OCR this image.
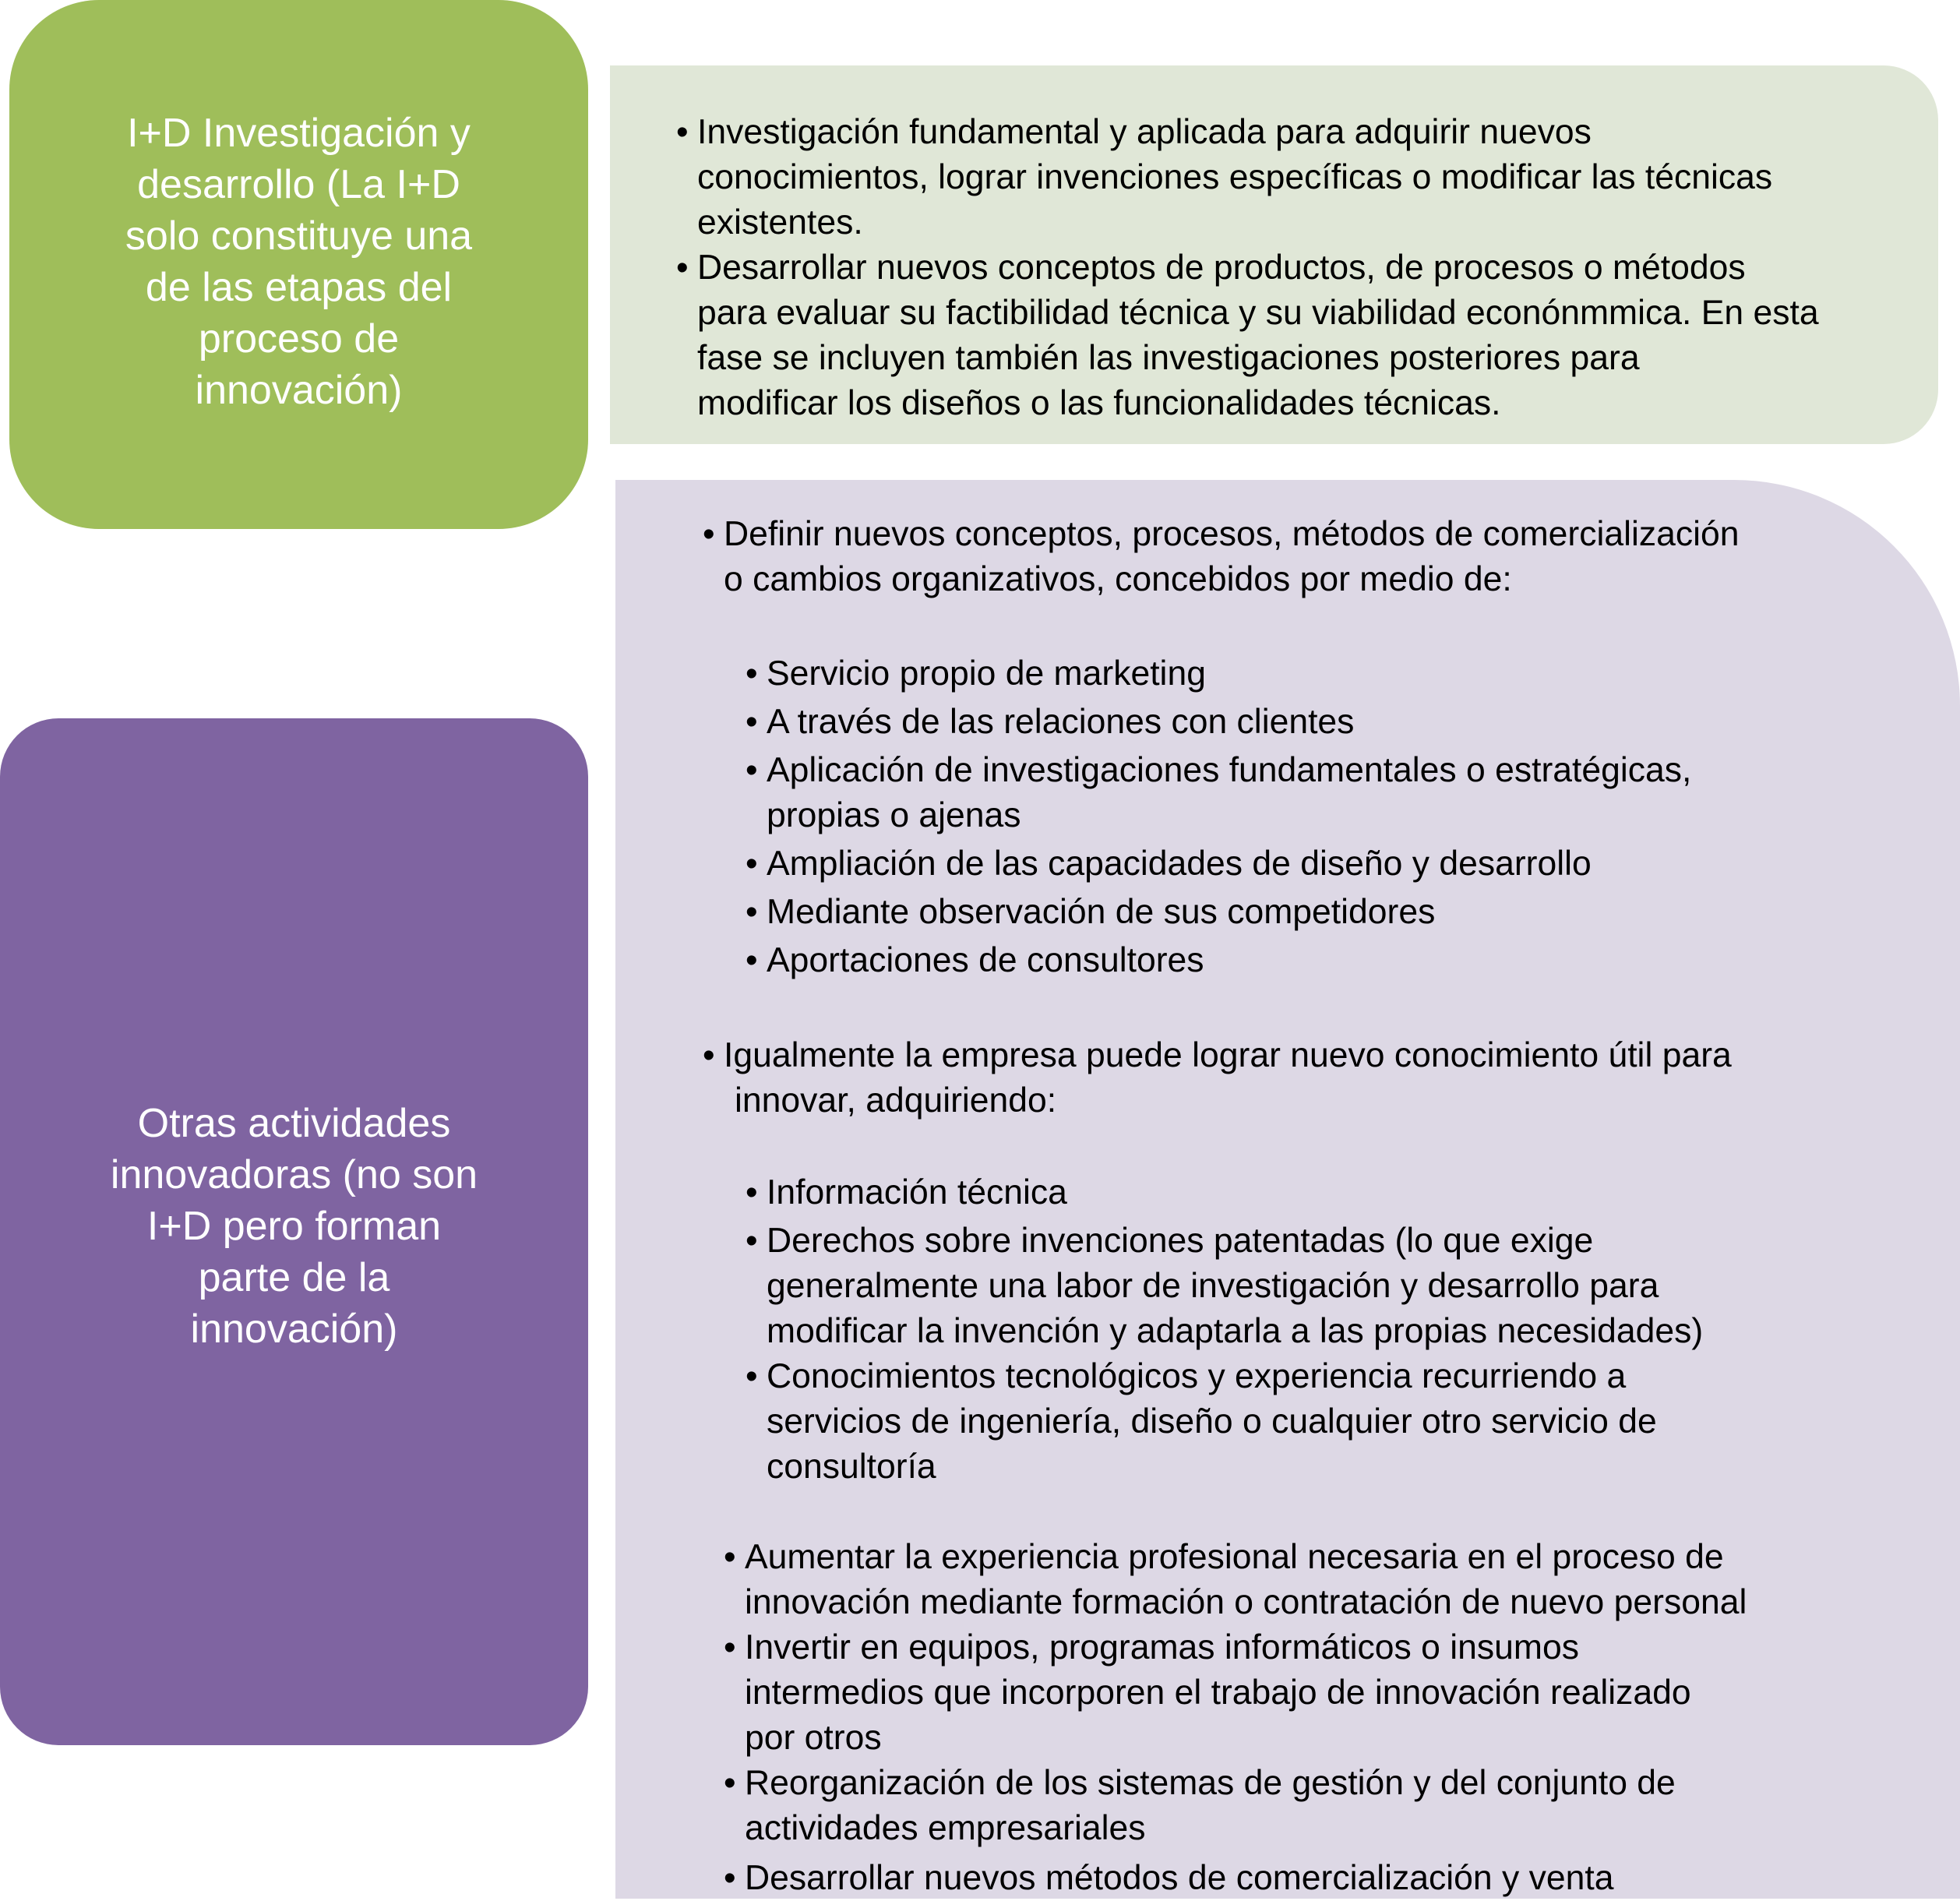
I+D Investigación y
desarrollo (La I+D
solo constituye una
de las etapas del
proceso de
innovación)
Otras actividades
innovadoras (no son
I+D pero forman
parte de la
innovación)
• Investigación fundamental y aplicada para adquirir nuevos
conocimientos, lograr invenciones específicas o modificar las técnicas
existentes.
• Desarrollar nuevos conceptos de productos, de procesos o métodos
para evaluar su factibilidad técnica y su viabilidad econónmmica. En esta
fase se incluyen también las investigaciones posteriores para
modificar los diseños o las funcionalidades técnicas.
• Definir nuevos conceptos, procesos, métodos de comercialización
o cambios organizativos, concebidos por medio de:
• Servicio propio de marketing
• A través de las relaciones con clientes
• Aplicación de investigaciones fundamentales o estratégicas,
propias o ajenas
• Ampliación de las capacidades de diseño y desarrollo
• Mediante observación de sus competidores
• Aportaciones de consultores
• Igualmente la empresa puede lograr nuevo conocimiento útil para
innovar, adquiriendo:
• Información técnica
• Derechos sobre invenciones patentadas (lo que exige
generalmente una labor de investigación y desarrollo para
modificar la invención y adaptarla a las propias necesidades)
• Conocimientos tecnológicos y experiencia recurriendo a
servicios de ingeniería, diseño o cualquier otro servicio de
consultoría
• Aumentar la experiencia profesional necesaria en el proceso de
innovación mediante formación o contratación de nuevo personal
• Invertir en equipos, programas informáticos o insumos
intermedios que incorporen el trabajo de innovación realizado
por otros
• Reorganización de los sistemas de gestión y del conjunto de
actividades empresariales
• Desarrollar nuevos métodos de comercialización y venta
